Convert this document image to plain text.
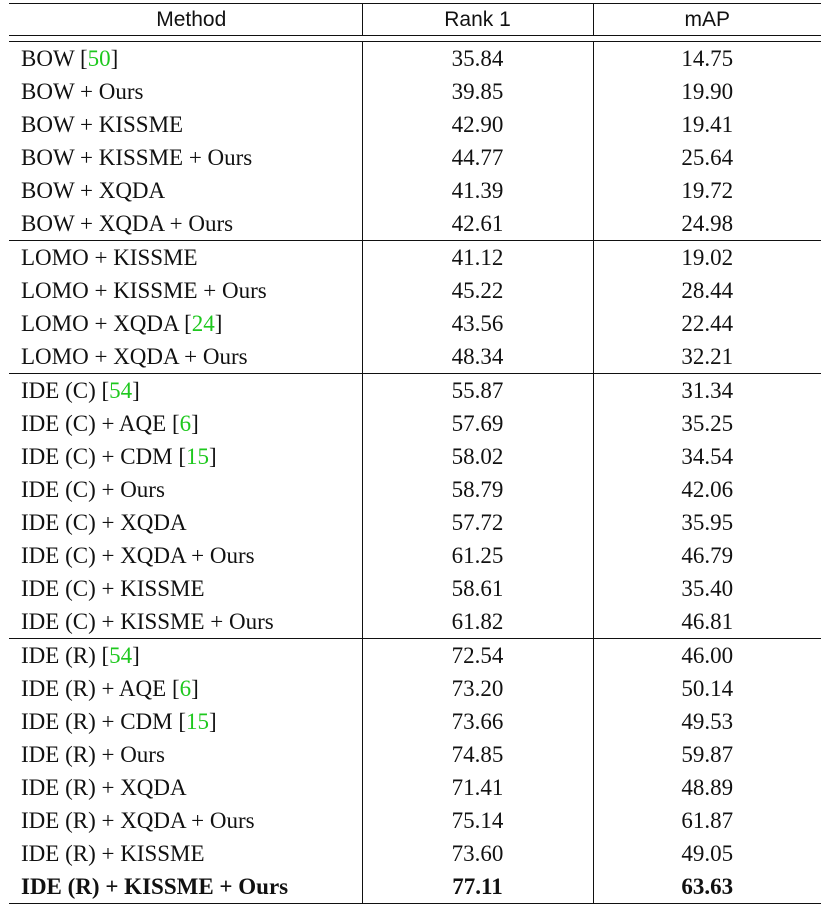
Method	Rank 1	mAP

BOW [50]	35.84	14.75
BOW + Ours	39.85	19.90
BOW + KISSME	42.90	19.41
BOW + KISSME + Ours	44.77	25.64
BOW + XQDA	41.39	19.72
BOW + XQDA + Ours	42.61	24.98
LOMO + KISSME	41.12	19.02
LOMO + KISSME + Ours	45.22	28.44
LOMO + XQDA [24]	43.56	22.44
LOMO + XQDA + Ours	48.34	32.21
IDE (C) [54]	55.87	31.34
IDE (C) + AQE [6]	57.69	35.25
IDE (C) + CDM [15]	58.02	34.54
IDE (C) + Ours	58.79	42.06
IDE (C) + XQDA	57.72	35.95
IDE (C) + XQDA + Ours	61.25	46.79
IDE (C) + KISSME	58.61	35.40
IDE (C) + KISSME + Ours	61.82	46.81
IDE (R) [54]	72.54	46.00
IDE (R) + AQE [6]	73.20	50.14
IDE (R) + CDM [15]	73.66	49.53
IDE (R) + Ours	74.85	59.87
IDE (R) + XQDA	71.41	48.89
IDE (R) + XQDA + Ours	75.14	61.87
IDE (R) + KISSME	73.60	49.05
IDE (R) + KISSME + Ours	77.11	63.63
